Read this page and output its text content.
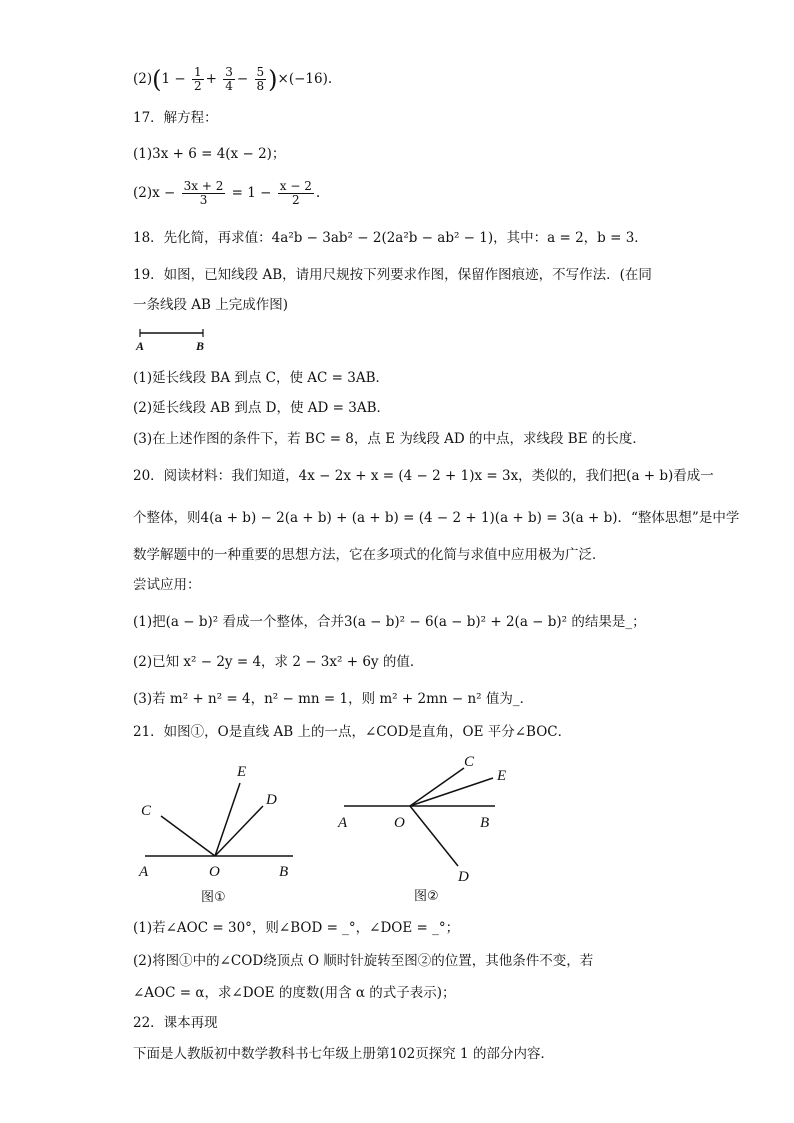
$(2)(1 - \frac{1}{2} + \frac{3}{4} - \frac{5}{8} )\times(-16)$.
17．解方程：
(1)3x + 6 = 4(x − 2)；
$(2)x - \frac{3x + 2}{3} = 1 - \frac{x - 2}{2}$ .
18．先化简，再求值：4a²b − 3ab² − 2(2a²b − ab² − 1)，其中：a = 2，b = 3．
19．如图，已知线段 AB，请用尺规按下列要求作图，保留作图痕迹，不写作法．(在同
一条线段 AB 上完成作图)
A	B
(1)延长线段 BA 到点 C，使 AC = 3AB．
(2)延长线段 AB 到点 D，使 AD = 3AB．
(3)在上述作图的条件下，若 BC = 8，点 E 为线段 AD 的中点，求线段 BE 的长度．
20．阅读材料：我们知道，4x − 2x + x = (4 − 2 + 1)x = 3x，类似的，我们把(a + b)看成一
个整体，则4(a + b) − 2(a + b) + (a + b) = (4 − 2 + 1)(a + b) = 3(a + b)．“整体思想”是中学
数学解题中的一种重要的思想方法，它在多项式的化简与求值中应用极为广泛．
尝试应用：
(1)把(a − b)² 看成一个整体，合并3(a − b)² − 6(a − b)² + 2(a − b)² 的结果是_；
(2)已知 x² − 2y = 4，求 2 − 3x² + 6y 的值．
(3)若 m² + n² = 4，n² − mn = 1，则 m² + 2mn − n² 值为_．
21．如图①，O是直线 AB 上的一点，∠COD是直角，OE 平分∠BOC．
C
E
D
A	O	B
图①
C
E
A	O	B
D
图②
(1)若∠AOC = 30°，则∠BOD = _°，∠DOE = _°；
(2)将图①中的∠COD绕顶点 O 顺时针旋转至图②的位置，其他条件不变，若
∠AOC = α，求∠DOE 的度数(用含 α 的式子表示)；
22．课本再现
下面是人教版初中数学教科书七年级上册第102页探究 1 的部分内容．
